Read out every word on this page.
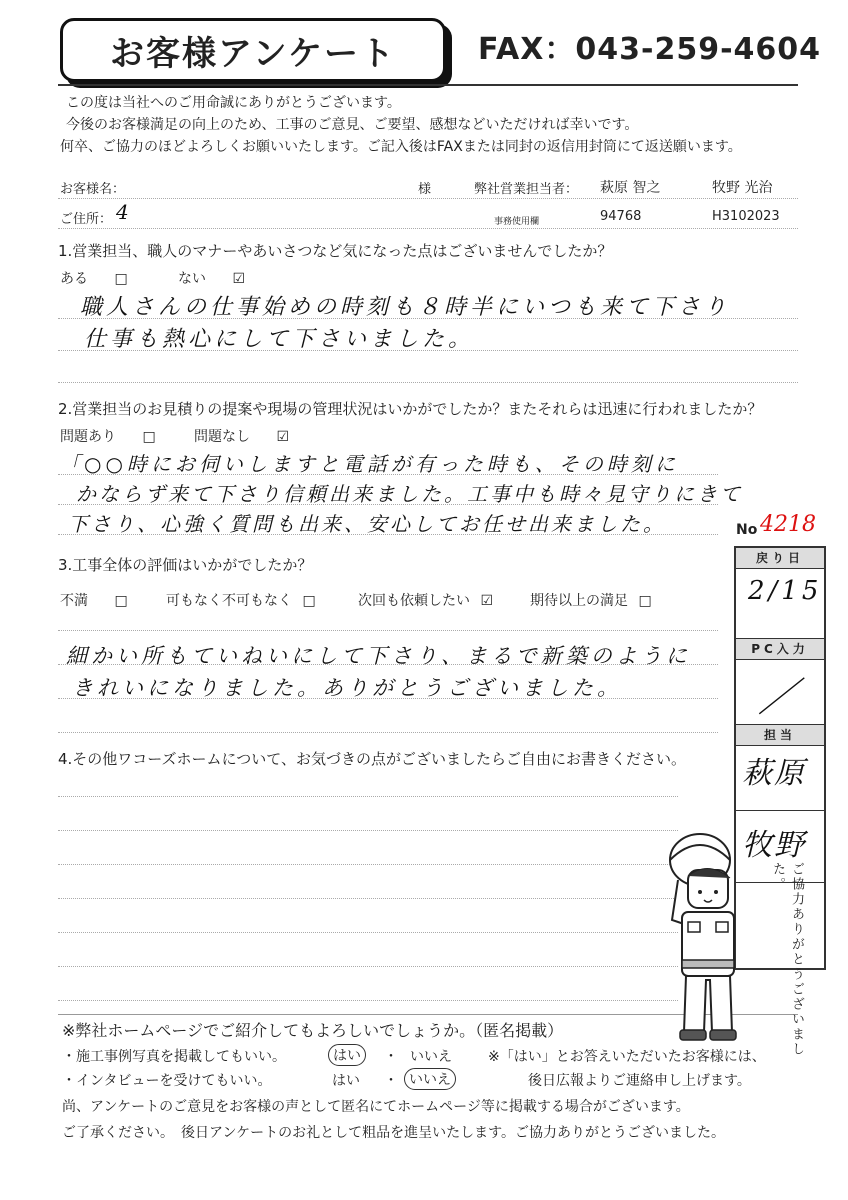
お客様アンケート	FAX：043-259-4604
この度は当社へのご用命誠にありがとうございます。
今後のお客様満足の向上のため、工事のご意見、ご要望、感想などいただければ幸いです。
何卒、ご協力のほどよろしくお願いいたします。ご記入後はFAXまたは同封の返信用封筒にて返送願います。
お客様名：	様	弊社営業担当者： 萩原 智之	牧野 光治
ご住所： 4	事務使用欄	94768	H3102023
1.営業担当、職人のマナーやあいさつなど気になった点はございませんでしたか？
ある □	ない ☑
職人さんの仕事始めの時刻も８時半にいつも来て下さり
仕事も熱心にして下さいました。
2.営業担当のお見積りの提案や現場の管理状況はいかがでしたか？またそれらは迅速に行われましたか？
問題あり □	問題なし ☑
「○○時にお伺いしますと電話が有った時も、その時刻に
かならず来て下さり信頼出来ました。工事中も時々見守りにきて
下さり、心強く質問も出来、安心してお任せ出来ました。
3.工事全体の評価はいかがでしたか？
不満 □	可もなく不可もなく □	次回も依頼したい ☑	期待以上の満足 □
細かい所もていねいにして下さり、まるで新築のように
きれいになりました。ありがとうございました。
4.その他ワコーズホームについて、お気づきの点がございましたらご自由にお書きください。
No 4218
戻り日
2/15
PC入力
／
担当
萩原
牧野
ご協力ありがとうございました。
※弊社ホームページでご紹介してもよろしいでしょうか。（匿名掲載）
・施工事例写真を掲載してもいい。	はい	・ いいえ	※「はい」とお答えいただいたお客様には、
・インタビューを受けてもいい。	はい ・ いいえ	後日広報よりご連絡申し上げます。
尚、アンケートのご意見をお客様の声として匿名にてホームページ等に掲載する場合がございます。
ご了承ください。　後日アンケートのお礼として粗品を進呈いたします。ご協力ありがとうございました。
